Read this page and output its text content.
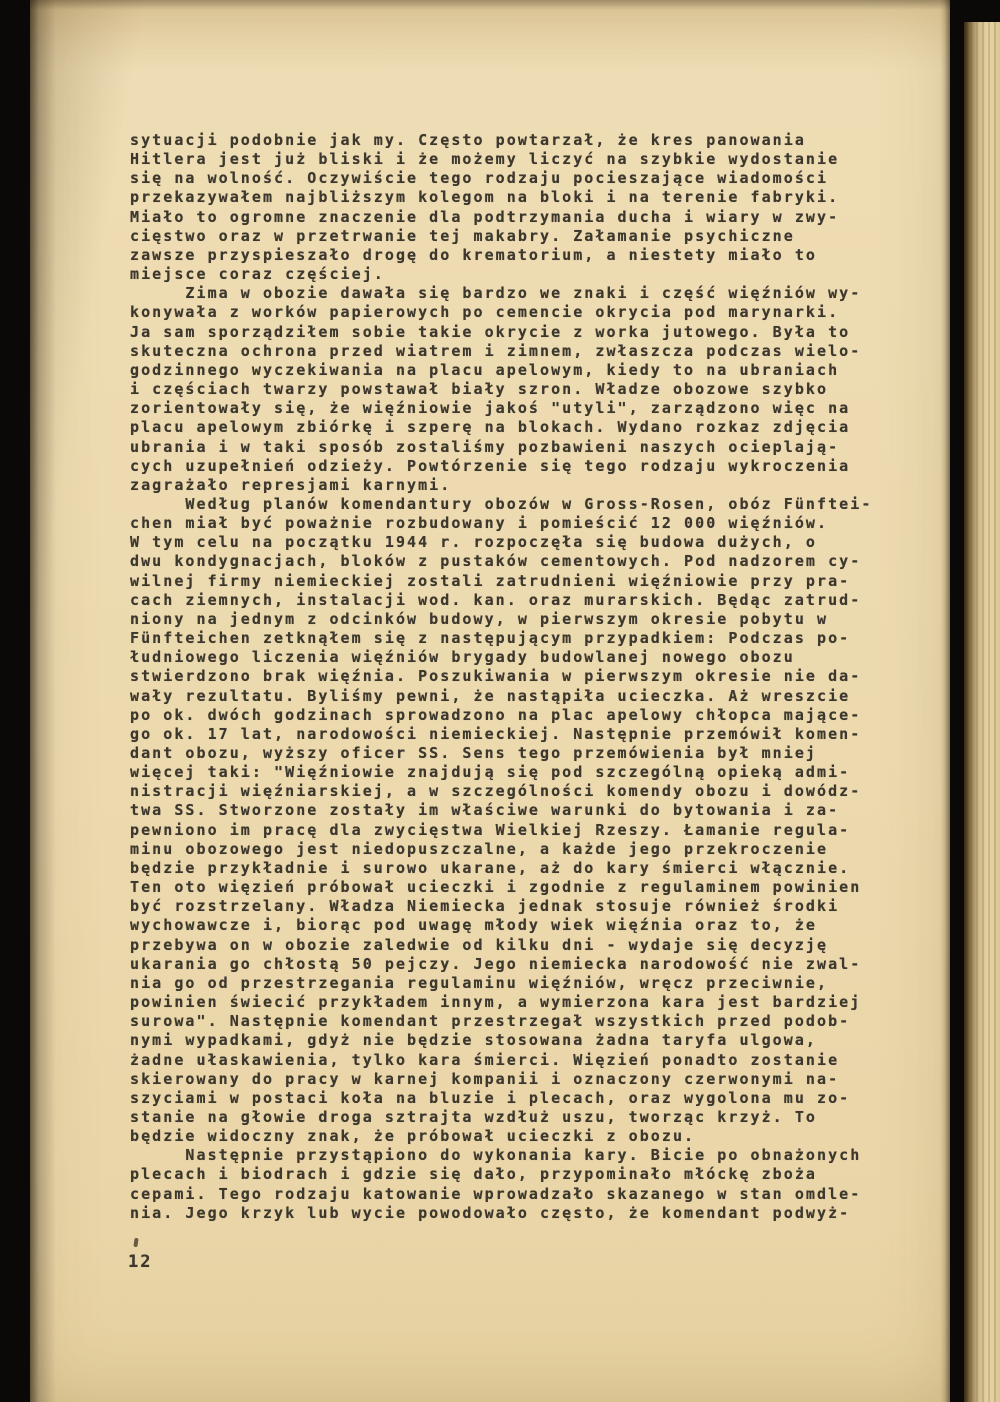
sytuacji podobnie jak my. Często powtarzał, że kres panowania
Hitlera jest już bliski i że możemy liczyć na szybkie wydostanie
się na wolność. Oczywiście tego rodzaju pocieszające wiadomości
przekazywałem najbliższym kolegom na bloki i na terenie fabryki.
Miało to ogromne znaczenie dla podtrzymania ducha i wiary w zwy-
cięstwo oraz w przetrwanie tej makabry. Załamanie psychiczne
zawsze przyspieszało drogę do krematorium, a niestety miało to
miejsce coraz częściej.

Zima w obozie dawała się bardzo we znaki i część więźniów wy-
konywała z worków papierowych po cemencie okrycia pod marynarki.
Ja sam sporządziłem sobie takie okrycie z worka jutowego. Była to
skuteczna ochrona przed wiatrem i zimnem, zwłaszcza podczas wielo-
godzinnego wyczekiwania na placu apelowym, kiedy to na ubraniach
i częściach twarzy powstawał biały szron. Władze obozowe szybko
zorientowały się, że więźniowie jakoś "utyli", zarządzono więc na
placu apelowym zbiórkę i szperę na blokach. Wydano rozkaz zdjęcia
ubrania i w taki sposób zostaliśmy pozbawieni naszych ocieplają-
cych uzupełnień odzieży. Powtórzenie się tego rodzaju wykroczenia
zagrażało represjami karnymi.

Według planów komendantury obozów w Gross-Rosen, obóz Fünftei-
chen miał być poważnie rozbudowany i pomieścić 12 000 więźniów.
W tym celu na początku 1944 r. rozpoczęła się budowa dużych, o
dwu kondygnacjach, bloków z pustaków cementowych. Pod nadzorem cy-
wilnej firmy niemieckiej zostali zatrudnieni więźniowie przy pra-
cach ziemnych, instalacji wod. kan. oraz murarskich. Będąc zatrud-
niony na jednym z odcinków budowy, w pierwszym okresie pobytu w
Fünfteichen zetknąłem się z następującym przypadkiem: Podczas po-
łudniowego liczenia więźniów brygady budowlanej nowego obozu
stwierdzono brak więźnia. Poszukiwania w pierwszym okresie nie da-
wały rezultatu. Byliśmy pewni, że nastąpiła ucieczka. Aż wreszcie
po ok. dwóch godzinach sprowadzono na plac apelowy chłopca mające-
go ok. 17 lat, narodowości niemieckiej. Następnie przemówił komen-
dant obozu, wyższy oficer SS. Sens tego przemówienia był mniej
więcej taki: "Więźniowie znajdują się pod szczególną opieką admi-
nistracji więźniarskiej, a w szczególności komendy obozu i dowódz-
twa SS. Stworzone zostały im właściwe warunki do bytowania i za-
pewniono im pracę dla zwycięstwa Wielkiej Rzeszy. Łamanie regula-
minu obozowego jest niedopuszczalne, a każde jego przekroczenie
będzie przykładnie i surowo ukarane, aż do kary śmierci włącznie.
Ten oto więzień próbował ucieczki i zgodnie z regulaminem powinien
być rozstrzelany. Władza Niemiecka jednak stosuje również środki
wychowawcze i, biorąc pod uwagę młody wiek więźnia oraz to, że
przebywa on w obozie zaledwie od kilku dni - wydaje się decyzję
ukarania go chłostą 50 pejczy. Jego niemiecka narodowość nie zwal-
nia go od przestrzegania regulaminu więźniów, wręcz przeciwnie,
powinien świecić przykładem innym, a wymierzona kara jest bardziej
surowa". Następnie komendant przestrzegał wszystkich przed podob-
nymi wypadkami, gdyż nie będzie stosowana żadna taryfa ulgowa,
żadne ułaskawienia, tylko kara śmierci. Więzień ponadto zostanie
skierowany do pracy w karnej kompanii i oznaczony czerwonymi na-
szyciami w postaci koła na bluzie i plecach, oraz wygolona mu zo-
stanie na głowie droga sztrajta wzdłuż uszu, tworząc krzyż. To
będzie widoczny znak, że próbował ucieczki z obozu.

Następnie przystąpiono do wykonania kary. Bicie po obnażonych
plecach i biodrach i gdzie się dało, przypominało młóckę zboża
cepami. Tego rodzaju katowanie wprowadzało skazanego w stan omdle-
nia. Jego krzyk lub wycie powodowało często, że komendant podwyż-

12
